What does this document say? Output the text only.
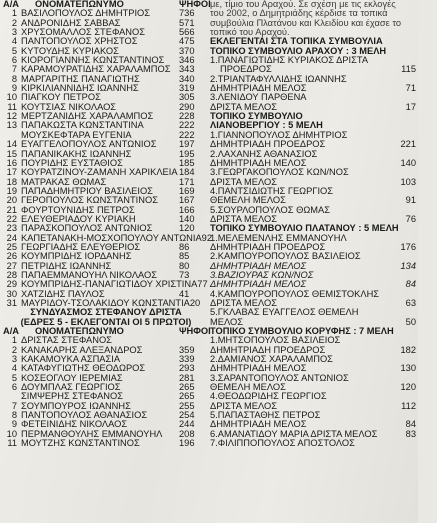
Α/Α	ΟΝΟΜΑΤΕΠΩΝΥΜΟ	ΨΗΦΟΙ
1 ΒΑΣΙΛΟΠΟΥΛΟΣ ΔΗΜΗΤΡΙΟΣ	736
2 ΑΝΔΡΟΝΙΔΗΣ ΣΑΒΒΑΣ	571
3 ΧΡΥΣΟΜΑΛΛΟΣ ΣΤΕΦΑΝΟΣ	566
4 ΠΑΝΤΟΠΟΥΛΟΣ ΧΡΗΣΤΟΣ	475
5 ΚΥΤΟΥΔΗΣ ΚΥΡΙΑΚΟΣ	370
6 ΚΙΟΡΟΓΙΑΝΝΗΣ ΚΩΝΣΤΑΝΤΙΝΟΣ	346
7 ΚΑΡΑΜΟΥΡΑΤΙΔΗΣ ΧΑΡΑΛΑΜΠΟΣ 343
8 ΜΑΡΓΑΡΙΤΗΣ ΠΑΝΑΓΙΩΤΗΣ	340
9 ΚΙΡΚΙΛΙΑΝΝΙΔΗΣ ΙΩΑΝΝΗΣ	319
10 ΠΙΑΓΚΟΥ ΠΕΤΡΟΣ	305
11 ΚΟΥΤΣΙΑΣ ΝΙΚΟΛΑΟΣ	290
12 ΜΕΡΤΖΑΝΙΔΗΣ ΧΑΡΑΛΑΜΠΟΣ	228
13 ΠΑΠΑΚΩΣΤΑ ΚΩΝΣΤΑΝΤΙΝΑ	222
ΜΟΥΣΚΕΦΤΑΡΑ ΕΥΓΕΝΙΑ	222
14 ΕΥΑΓΓΕΛΟΠΟΥΛΟΣ ΑΝΤΩΝΙΟΣ	197
15 ΠΑΠΑΝΙΚΑΚΗΣ ΙΩΑΝΝΗΣ	195
16 ΠΟΥΡΙΔΗΣ ΕΥΣΤΑΘΙΟΣ	185
17 ΚΟΥΡΑΤΖΙΝΟΥ-ΖΑΜΑΝΗ ΧΑΡΙΚΛΕΙΑ 184
18 ΜΑΤΡΑΚΑΣ ΘΩΜΑΣ	171
19 ΠΑΠΑΔΗΜΗΤΡΙΟΥ ΒΑΣΙΛΕΙΟΣ	169
20 ΓΕΡΟΠΟΥΛΟΣ ΚΩΝΣΤΑΝΤΙΝΟΣ	167
21 ΦΟΥΡΤΟΥΝΙΔΗΣ ΠΕΤΡΟΣ	166
22 ΕΛΕΥΘΕΡΙΑΔΟΥ ΚΥΡΙΑΚΗ	140
23 ΠΑΡΑΣΚΟΠΟΥΛΟΣ ΑΝΤΩΝΙΟΣ	120
24 ΚΑΠΕΤΑΝΑΚΗ-ΜΟΣΧΟΠΟΥΛΟΥ ΑΝΤΩΝΙΑ 92
25 ΓΕΩΡΓΙΑΔΗΣ ΕΛΕΥΘΕΡΙΟΣ	86
26 ΚΟΥΜΠΡΙΔΗΣ ΙΟΡΔΑΝΗΣ	85
27 ΠΕΤΡΙΔΗΣ ΙΩΑΝΝΗΣ	80
28 ΠΑΠΑΕΜΜΑΝΟΥΗΛ ΝΙΚΟΛΑΟΣ	73
29 ΚΟΥΜΠΡΙΔΗΣ-ΠΑΝΑΓΙΩΤΙΔΟΥ ΧΡΙΣΤΙΝΑ 77
30 ΧΑΤΖΙΔΗΣ ΠΑΥΛΟΣ	41
31 ΜΑΥΡΙΔΟΥ-ΤΣΟΛΑΚΙΔΟΥ ΚΩΝΣΤΑΝΤΙΑ 20
ΣΥΝΔΥΑΣΜΟΣ ΣΤΕΦΑΝΟΥ ΔΡΙΣΤΑ
(ΕΔΡΕΣ 5 - ΕΚΛΕΓΟΝΤΑΙ ΟΙ 5 ΠΡΩΤΟΙ)
Α/Α	ΟΝΟΜΑΤΕΠΩΝΥΜΟ	ΨΗΦΟΙ
1 ΔΡΙΣΤΑΣ ΣΤΕΦΑΝΟΣ
2 ΚΑΝΑΚΑΡΗΣ ΑΛΕΞΑΝΔΡΟΣ	359
3 ΚΑΚΑΜΟΥΚΑ ΑΣΠΑΣΙΑ	339
4 ΚΑΤΑΦΥΓΙΩΤΗΣ ΘΕΟΔΩΡΟΣ	293
5 ΚΟΣΕΟΓΛΟΥ ΙΕΡΕΜΙΑΣ	281
6 ΔΟΥΜΠΛΑΣ ΓΕΩΡΓΙΟΣ	265
ΣΙΜΨΕΡΗΣ ΣΤΕΦΑΝΟΣ	265
7 ΣΟΥΜΠΟΥΡΟΣ ΙΩΑΝΝΗΣ	255
8 ΠΑΝΤΟΠΟΥΛΟΣ ΑΘΑΝΑΣΙΟΣ	254
9 ΦΕΤΕΙΝΙΔΗΣ ΝΙΚΟΛΑΟΣ	244
10 ΠΕΡΜΑΝΘΟΥΛΗΣ ΕΜΜΑΝΟΥΗΛ	208
11 ΜΟΥΤΖΗΣ ΚΩΝΣΤΑΝΤΙΝΟΣ	196
με, τίμιο του Αραχού. Σε σχέση με τις εκλογές
του 2002, ο Δημητριάδης κέρδισε τα τοπικά
συμβούλια Πλατάνου και Κλειδίου και έχασε το
τοπικό του Αραχού.
ΕΚΛΕΓΕΝΤΑΙ ΣΤΑ ΤΟΠΙΚΑ ΣΥΜΒΟΥΛΙΑ
ΤΟΠΙΚΟ ΣΥΜΒΟΥΛΙΟ ΑΡΑΧΟΥ : 3 ΜΕΛΗ
1.ΠΑΝΑΓΙΩΤΙΔΗΣ ΚΥΡΙΑΚΟΣ ΔΡΙΣΤΑ
ΠΡΟΕΔΡΟΣ	115
2.ΤΡΙΑΝΤΑΦΥΛΛΙΔΗΣ ΙΩΑΝΝΗΣ
ΔΗΜΗΤΡΙΑΔΗ ΜΕΛΟΣ	71
3.ΛΕΝΙΔΟΥ ΠΑΡΘΕΝΑ
ΔΡΙΣΤΑ ΜΕΛΟΣ	17
ΤΟΠΙΚΟ ΣΥΜΒΟΥΛΙΟ
ΛΙΑΝΟΒΕΡΓΙΟΥ : 5 ΜΕΛΗ
1.ΓΙΑΝΝΟΠΟΥΛΟΣ ΔΗΜΗΤΡΙΟΣ
ΔΗΜΗΤΡΙΑΔΗ ΠΡΟΕΔΡΟΣ	221
2.ΛΑΧΑΝΗΣ ΑΘΑΝΑΣΙΟΣ
ΔΗΜΗΤΡΙΑΔΗ ΜΕΛΟΣ	140
3.ΓΕΩΡΓΑΚΟΠΟΥΛΟΣ ΚΩΝ/ΝΟΣ
ΔΡΙΣΤΑ ΜΕΛΟΣ	103
4.ΠΑΝΤΣΙΔΙΩΤΗΣ ΓΕΩΡΓΙΟΣ
ΘΕΜΕΛΗ ΜΕΛΟΣ	91
5.ΣΟΥΡΛΟΠΟΥΛΟΣ ΘΩΜΑΣ
ΔΡΙΣΤΑ ΜΕΛΟΣ	76
ΤΟΠΙΚΟ ΣΥΜΒΟΥΛΙΟ ΠΛΑΤΑΝΟΥ : 5 ΜΕΛΗ
1.ΜΕΛΕΜΕΝΛΗΣ ΕΜΜΑΝΟΥΗΛ
ΔΗΜΗΤΡΙΑΔΗ ΠΡΟΕΔΡΟΣ	176
2.ΚΑΜΠΟΥΡΟΠΟΥΛΟΣ ΒΑΣΙΛΕΙΟΣ
ΔΗΜΗΤΡΙΑΔΗ ΜΕΛΟΣ	134
3.ΒΑΖΙΟΥΡΑΣ ΚΩΝ/ΝΟΣ
ΔΗΜΗΤΡΙΑΔΗ ΜΕΛΟΣ	84
4.ΚΑΜΠΟΥΡΟΠΟΥΛΟΣ ΘΕΜΙΣΤΟΚΛΗΣ
ΔΡΙΣΤΑ ΜΕΛΟΣ	63
5.ΓΚΛΑΒΑΣ ΕΥΑΓΓΕΛΟΣ ΘΕΜΕΛΗ
ΜΕΛΟΣ	50
ΤΟΠΙΚΟ ΣΥΜΒΟΥΛΙΟ ΚΟΡΥΦΗΣ : 7 ΜΕΛΗ
1.ΜΗΤΣΟΠΟΥΛΟΣ ΒΑΣΙΛΕΙΟΣ
ΔΗΜΗΤΡΙΑΔΗ ΠΡΟΕΔΡΟΣ	182
2.ΔΑΜΙΑΝΟΣ ΧΑΡΑΛΑΜΠΟΣ
ΔΗΜΗΤΡΙΑΔΗ ΜΕΛΟΣ	130
3.ΣΑΡΑΝΤΟΠΟΥΛΟΣ ΑΝΤΩΝΙΟΣ
ΘΕΜΕΛΗ ΜΕΛΟΣ	120
4.ΘΕΟΔΩΡΙΔΗΣ ΓΕΩΡΓΙΟΣ
ΔΡΙΣΤΑ ΜΕΛΟΣ	112
5.ΠΑΠΑΣΤΑΘΗΣ ΠΕΤΡΟΣ
ΔΗΜΗΤΡΙΑΔΗ ΜΕΛΟΣ	84
6.ΑΜΑΝΑΤΙΔΟΥ ΜΑΡΙΑ ΔΡΙΣΤΑ ΜΕΛΟΣ	83
7.ΦΙΛΙΠΠΟΠΟΥΛΟΣ ΑΠΟΣΤΟΛΟΣ
